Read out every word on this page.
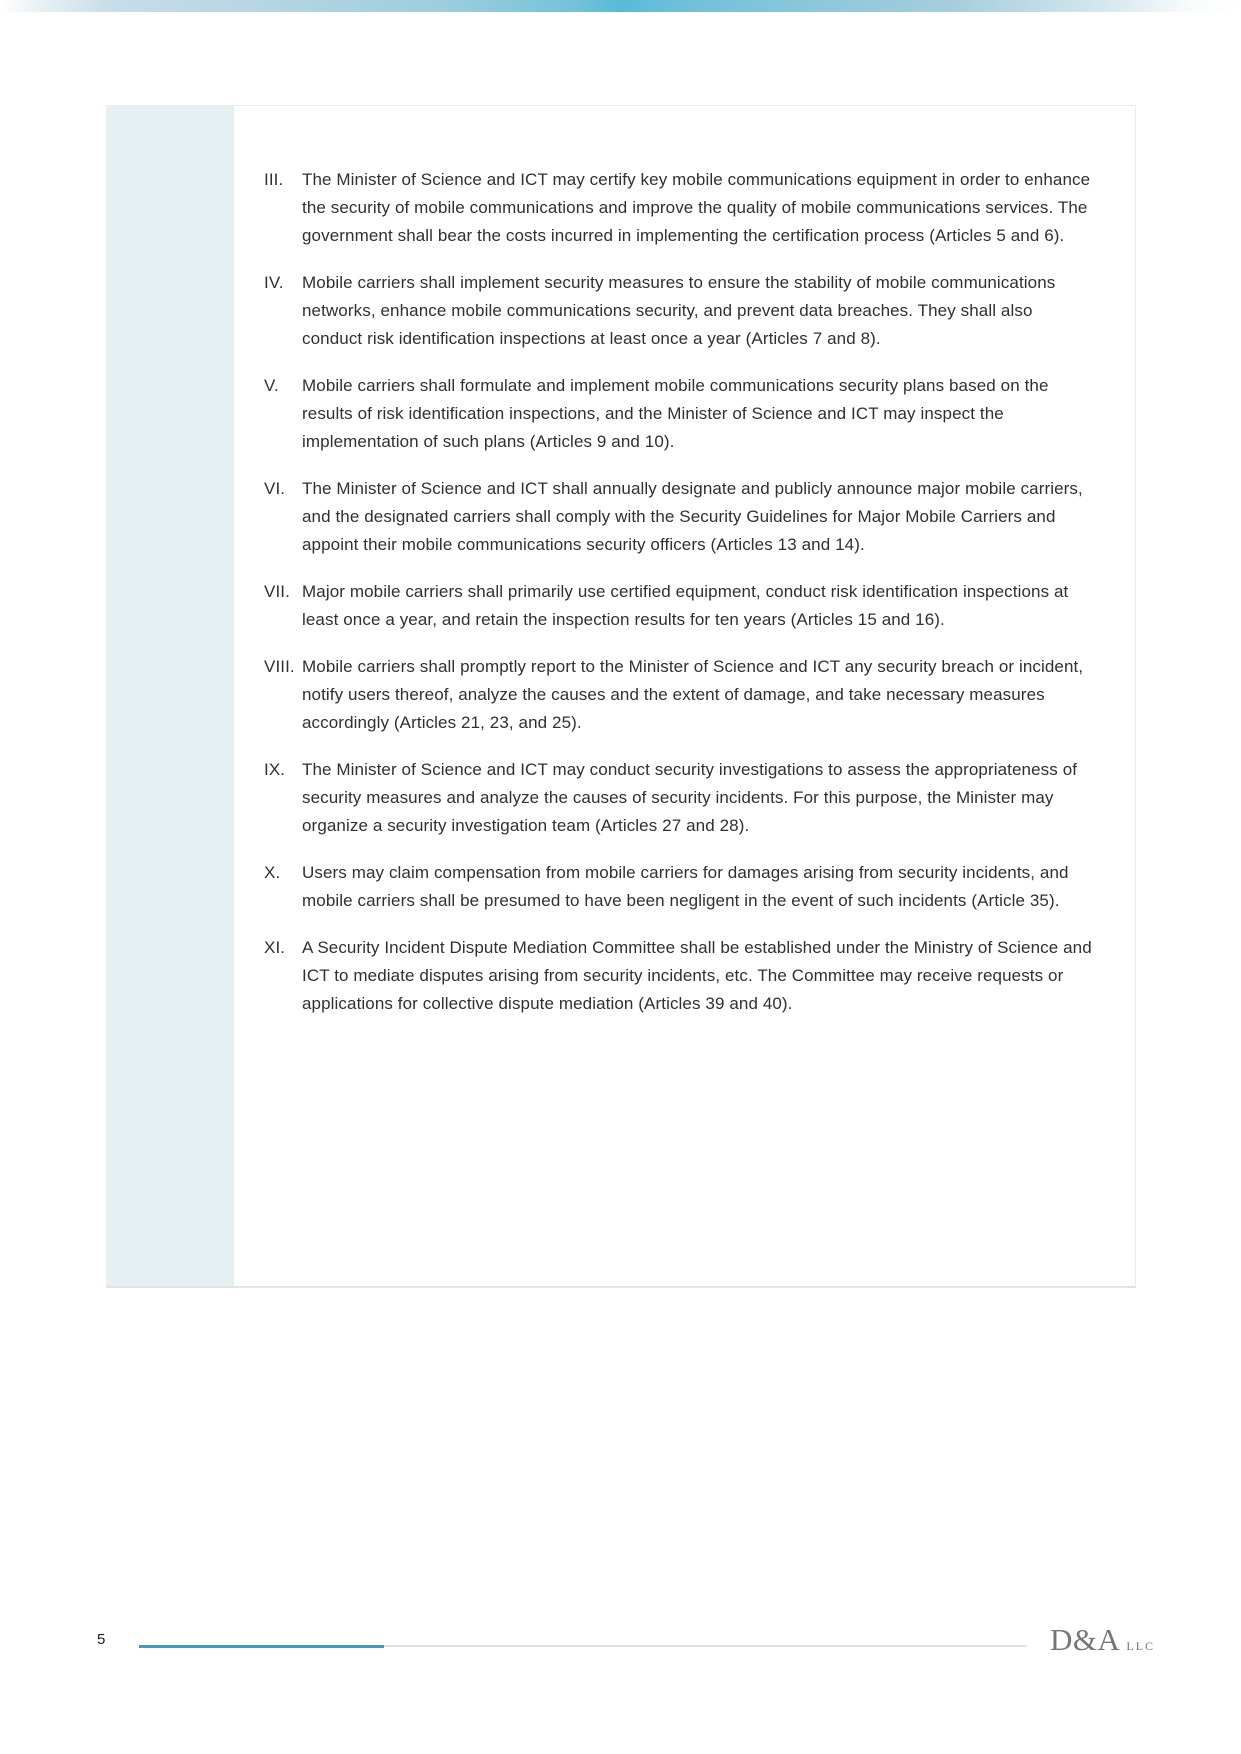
III.	The Minister of Science and ICT may certify key mobile communications equipment in order to enhance the security of mobile communications and improve the quality of mobile communications services. The government shall bear the costs incurred in implementing the certification process (Articles 5 and 6).
IV.	Mobile carriers shall implement security measures to ensure the stability of mobile communications networks, enhance mobile communications security, and prevent data breaches. They shall also conduct risk identification inspections at least once a year (Articles 7 and 8).
V.	Mobile carriers shall formulate and implement mobile communications security plans based on the results of risk identification inspections, and the Minister of Science and ICT may inspect the implementation of such plans (Articles 9 and 10).
VI. The Minister of Science and ICT shall annually designate and publicly announce major mobile carriers, and the designated carriers shall comply with the Security Guidelines for Major Mobile Carriers and appoint their mobile communications security officers (Articles 13 and 14).
VII. Major mobile carriers shall primarily use certified equipment, conduct risk identification inspections at least once a year, and retain the inspection results for ten years (Articles 15 and 16).
VIII. Mobile carriers shall promptly report to the Minister of Science and ICT any security breach or incident, notify users thereof, analyze the causes and the extent of damage, and take necessary measures accordingly (Articles 21, 23, and 25).
IX. The Minister of Science and ICT may conduct security investigations to assess the appropriateness of security measures and analyze the causes of security incidents. For this purpose, the Minister may organize a security investigation team (Articles 27 and 28).
X.	Users may claim compensation from mobile carriers for damages arising from security incidents, and mobile carriers shall be presumed to have been negligent in the event of such incidents (Article 35).
XI. A Security Incident Dispute Mediation Committee shall be established under the Ministry of Science and ICT to mediate disputes arising from security incidents, etc. The Committee may receive requests or applications for collective dispute mediation (Articles 39 and 40).
5	D&A LLC
